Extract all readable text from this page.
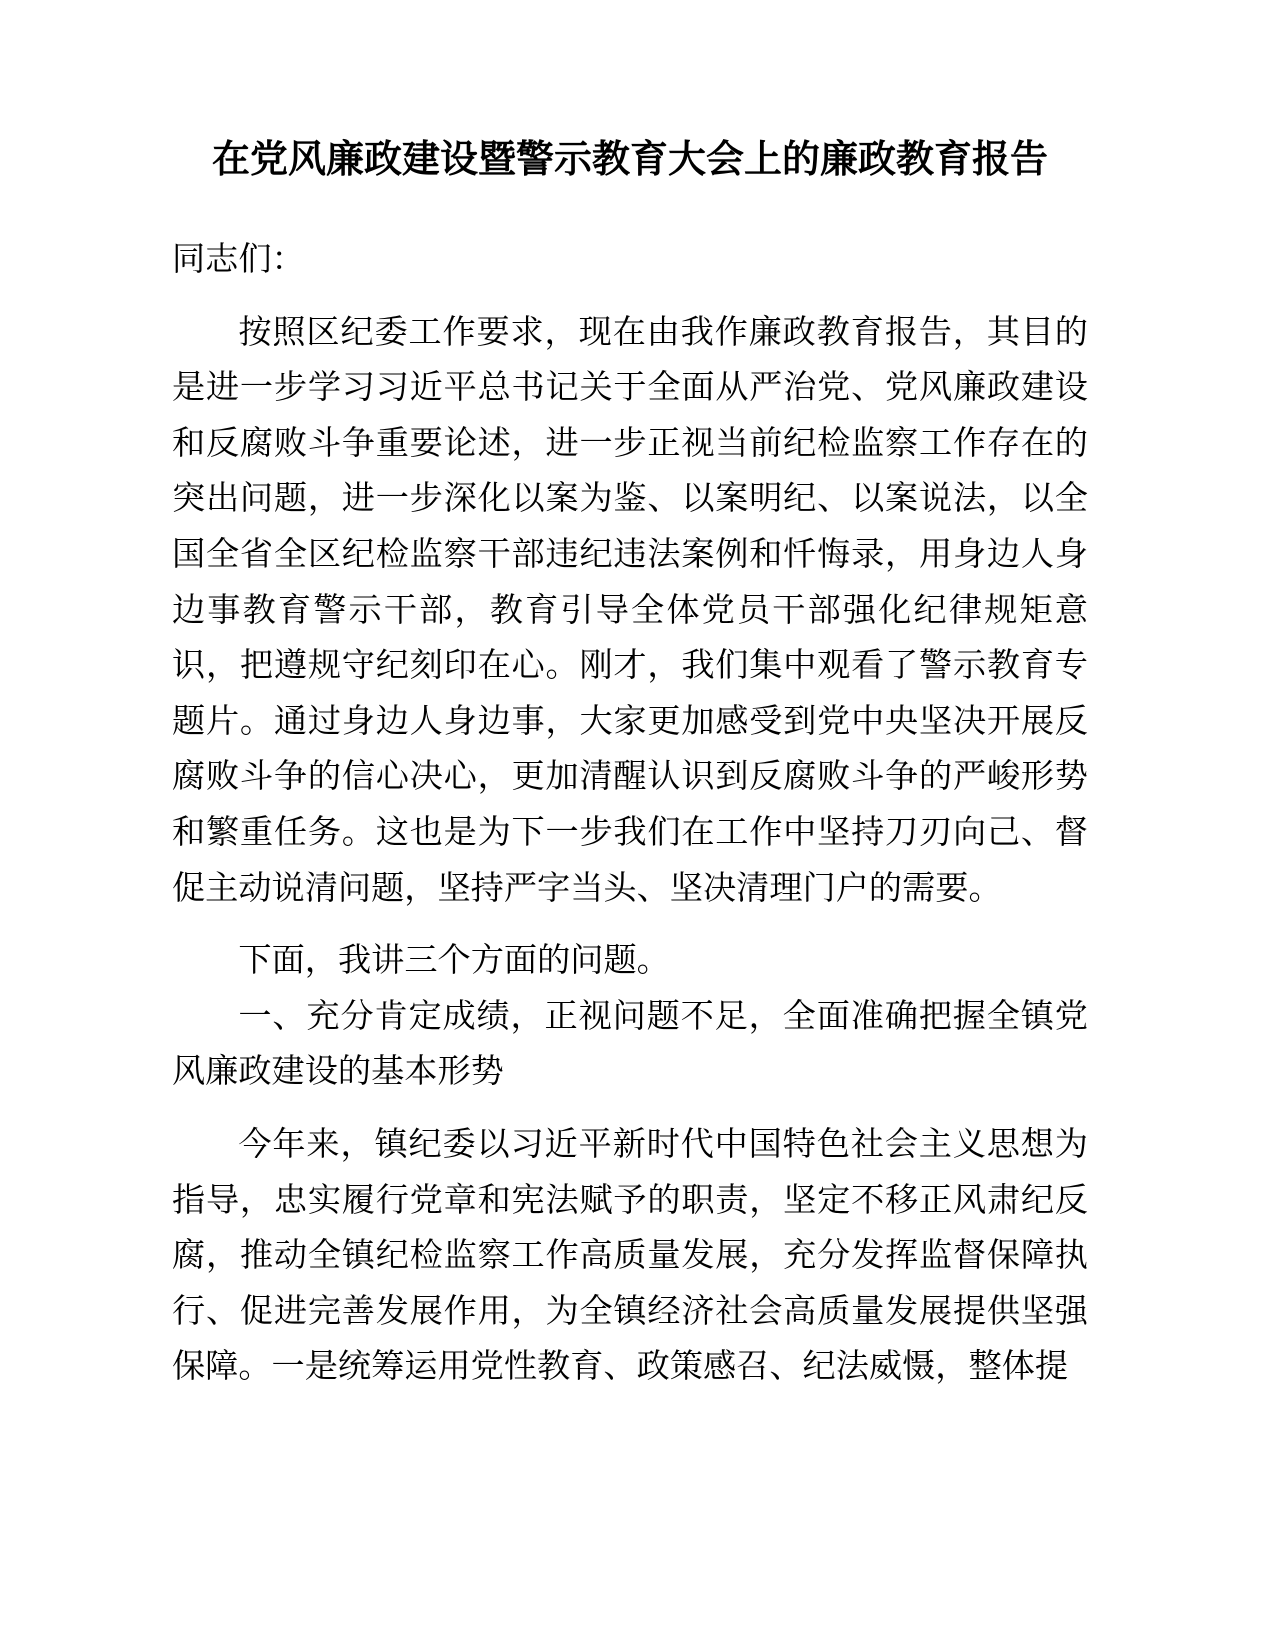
在党风廉政建设暨警示教育大会上的廉政教育报告

同志们：

按照区纪委工作要求，现在由我作廉政教育报告，其目的是进一步学习习近平总书记关于全面从严治党、党风廉政建设和反腐败斗争重要论述，进一步正视当前纪检监察工作存在的突出问题，进一步深化以案为鉴、以案明纪、以案说法，以全国全省全区纪检监察干部违纪违法案例和忏悔录，用身边人身边事教育警示干部，教育引导全体党员干部强化纪律规矩意识，把遵规守纪刻印在心。刚才，我们集中观看了警示教育专题片。通过身边人身边事，大家更加感受到党中央坚决开展反腐败斗争的信心决心，更加清醒认识到反腐败斗争的严峻形势和繁重任务。这也是为下一步我们在工作中坚持刀刃向己、督促主动说清问题，坚持严字当头、坚决清理门户的需要。

下面，我讲三个方面的问题。

一、充分肯定成绩，正视问题不足，全面准确把握全镇党风廉政建设的基本形势

今年来，镇纪委以习近平新时代中国特色社会主义思想为指导，忠实履行党章和宪法赋予的职责，坚定不移正风肃纪反腐，推动全镇纪检监察工作高质量发展，充分发挥监督保障执行、促进完善发展作用，为全镇经济社会高质量发展提供坚强保障。一是统筹运用党性教育、政策感召、纪法威慑，整体提
